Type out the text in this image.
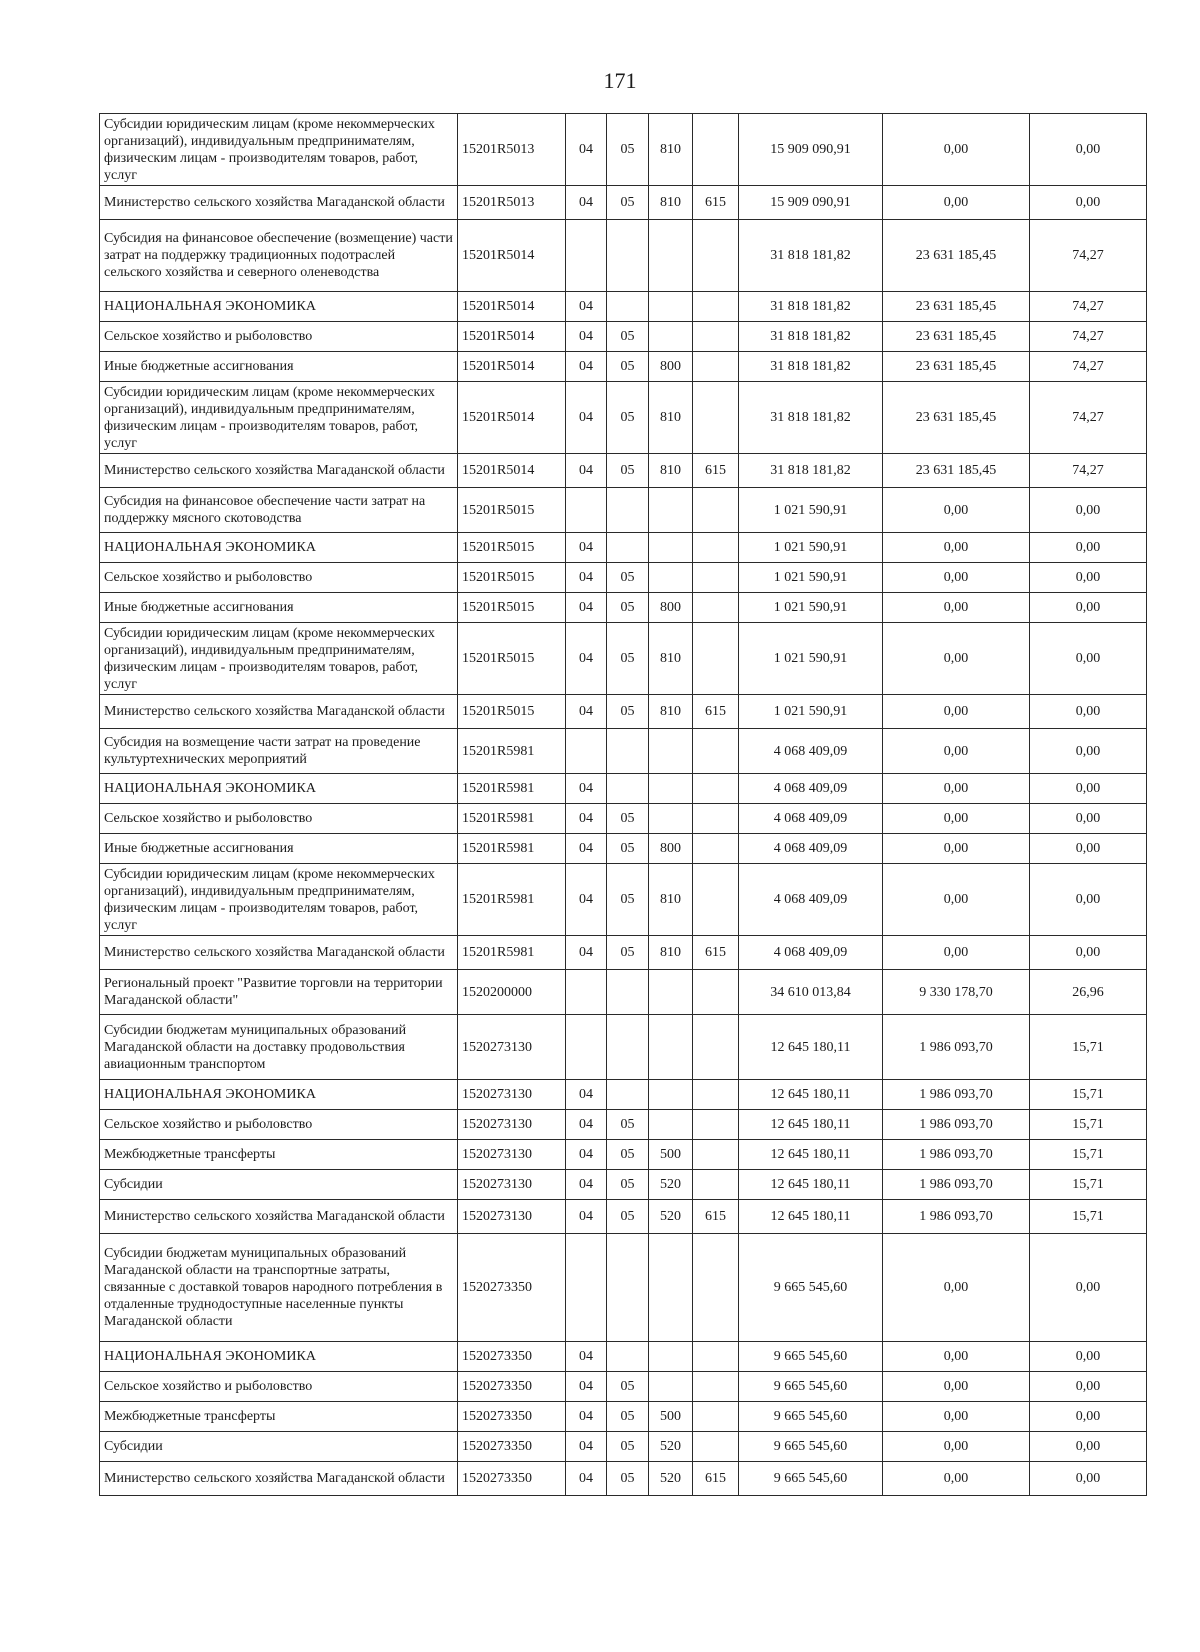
171
Субсидии юридическим лицам (кроме некоммерческих организаций), индивидуальным предпринимателям, физическим лицам - производителям товаров, работ, услуг	15201R5013	04	05	810		15 909 090,91	0,00	0,00
Министерство сельского хозяйства Магаданской области	15201R5013	04	05	810	615	15 909 090,91	0,00	0,00
Субсидия на финансовое обеспечение (возмещение) части затрат на поддержку традиционных подотраслей сельского хозяйства и северного оленеводства	15201R5014					31 818 181,82	23 631 185,45	74,27
НАЦИОНАЛЬНАЯ ЭКОНОМИКА	15201R5014	04				31 818 181,82	23 631 185,45	74,27
Сельское хозяйство и рыболовство	15201R5014	04	05			31 818 181,82	23 631 185,45	74,27
Иные бюджетные ассигнования	15201R5014	04	05	800		31 818 181,82	23 631 185,45	74,27
Субсидии юридическим лицам (кроме некоммерческих организаций), индивидуальным предпринимателям, физическим лицам - производителям товаров, работ, услуг	15201R5014	04	05	810		31 818 181,82	23 631 185,45	74,27
Министерство сельского хозяйства Магаданской области	15201R5014	04	05	810	615	31 818 181,82	23 631 185,45	74,27
Субсидия на финансовое обеспечение части затрат на поддержку мясного скотоводства	15201R5015					1 021 590,91	0,00	0,00
НАЦИОНАЛЬНАЯ ЭКОНОМИКА	15201R5015	04				1 021 590,91	0,00	0,00
Сельское хозяйство и рыболовство	15201R5015	04	05			1 021 590,91	0,00	0,00
Иные бюджетные ассигнования	15201R5015	04	05	800		1 021 590,91	0,00	0,00
Субсидии юридическим лицам (кроме некоммерческих организаций), индивидуальным предпринимателям, физическим лицам - производителям товаров, работ, услуг	15201R5015	04	05	810		1 021 590,91	0,00	0,00
Министерство сельского хозяйства Магаданской области	15201R5015	04	05	810	615	1 021 590,91	0,00	0,00
Субсидия на возмещение части затрат на проведение культуртехнических мероприятий	15201R5981					4 068 409,09	0,00	0,00
НАЦИОНАЛЬНАЯ ЭКОНОМИКА	15201R5981	04				4 068 409,09	0,00	0,00
Сельское хозяйство и рыболовство	15201R5981	04	05			4 068 409,09	0,00	0,00
Иные бюджетные ассигнования	15201R5981	04	05	800		4 068 409,09	0,00	0,00
Субсидии юридическим лицам (кроме некоммерческих организаций), индивидуальным предпринимателям, физическим лицам - производителям товаров, работ, услуг	15201R5981	04	05	810		4 068 409,09	0,00	0,00
Министерство сельского хозяйства Магаданской области	15201R5981	04	05	810	615	4 068 409,09	0,00	0,00
Региональный проект "Развитие торговли на территории Магаданской области"	1520200000					34 610 013,84	9 330 178,70	26,96
Субсидии бюджетам муниципальных образований Магаданской области на доставку продовольствия авиационным транспортом	1520273130					12 645 180,11	1 986 093,70	15,71
НАЦИОНАЛЬНАЯ ЭКОНОМИКА	1520273130	04				12 645 180,11	1 986 093,70	15,71
Сельское хозяйство и рыболовство	1520273130	04	05			12 645 180,11	1 986 093,70	15,71
Межбюджетные трансферты	1520273130	04	05	500		12 645 180,11	1 986 093,70	15,71
Субсидии	1520273130	04	05	520		12 645 180,11	1 986 093,70	15,71
Министерство сельского хозяйства Магаданской области	1520273130	04	05	520	615	12 645 180,11	1 986 093,70	15,71
Субсидии бюджетам муниципальных образований Магаданской области на транспортные затраты, связанные с доставкой товаров народного потребления в отдаленные труднодоступные населенные пункты Магаданской области	1520273350					9 665 545,60	0,00	0,00
НАЦИОНАЛЬНАЯ ЭКОНОМИКА	1520273350	04				9 665 545,60	0,00	0,00
Сельское хозяйство и рыболовство	1520273350	04	05			9 665 545,60	0,00	0,00
Межбюджетные трансферты	1520273350	04	05	500		9 665 545,60	0,00	0,00
Субсидии	1520273350	04	05	520		9 665 545,60	0,00	0,00
Министерство сельского хозяйства Магаданской области	1520273350	04	05	520	615	9 665 545,60	0,00	0,00
